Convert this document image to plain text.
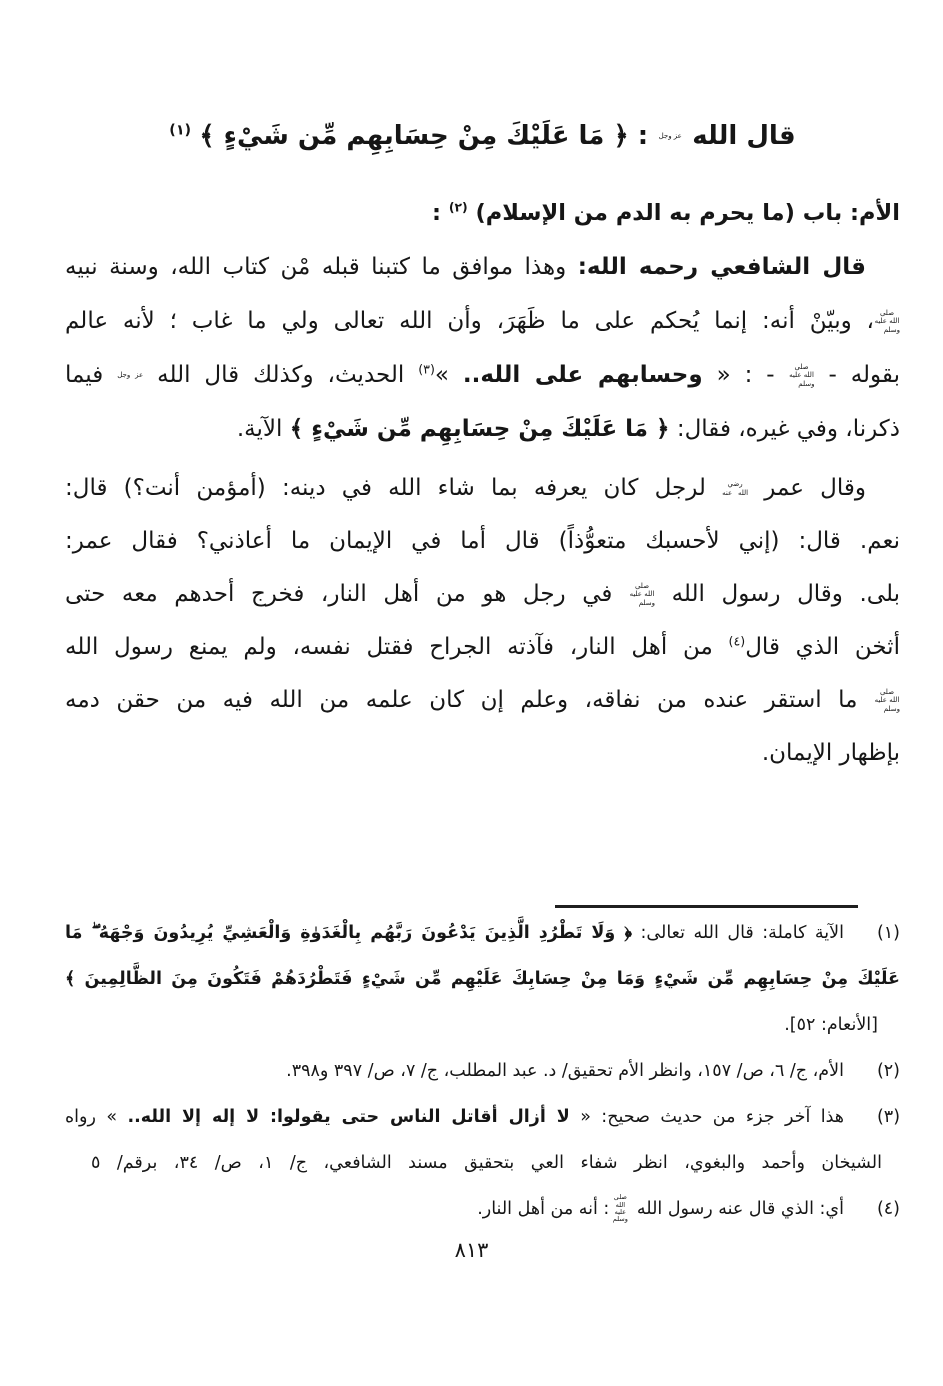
قال الله عز وجل : ﴿ مَا عَلَيْكَ مِنْ حِسَابِهِم مِّن شَيْءٍ ﴾ $^{(١)}$
الأم: باب (ما يحرم به الدم من الإسلام) $^{(٢)}$ :
قال الشافعي رحمه الله: وهذا موافق ما كتبنا قبله مْن كتاب الله، وسنة نبيه
صلى الله عليه وسلم، وبيّنْ أنه: إنما يُحكم على ما ظَهَرَ، وأن الله تعالى ولي ما غاب ؛ لأنه عالم
بقوله - صلى الله عليه وسلم - : « وحسابهم على الله.. »$^{(٣)}$ الحديث، وكذلك قال الله عز وجل فيما
ذكرنا، وفي غيره، فقال: ﴿ مَا عَلَيْكَ مِنْ حِسَابِهِم مِّن شَيْءٍ ﴾ الآية.
وقال عمر رضي الله عنه لرجل كان يعرفه بما شاء الله في دينه: (أمؤمن أنت؟) قال:
نعم. قال: (إني لأحسبك متعوُّذاً) قال أما في الإيمان ما أعاذني؟ فقال عمر:
بلى. وقال رسول الله صلى الله عليه وسلم في رجل هو من أهل النار، فخرج أحدهم معه حتى
أثخن الذي قال$^{(٤)}$ من أهل النار، فآذته الجراح فقتل نفسه، ولم يمنع رسول الله
صلى الله عليه وسلم ما استقر عنده من نفاقه، وعلم إن كان علمه من الله فيه من حقن دمه
بإظهار الإيمان.
(١)الآية كاملة: قال الله تعالى: ﴿ وَلَا تَطْرُدِ الَّذِينَ يَدْعُونَ رَبَّهُم بِالْغَدَوٰةِ وَالْعَشِيِّ يُرِيدُونَ وَجْهَهُ ۖ مَا
عَلَيْكَ مِنْ حِسَابِهِم مِّن شَيْءٍ وَمَا مِنْ حِسَابِكَ عَلَيْهِم مِّن شَيْءٍ فَتَطْرُدَهُمْ فَتَكُونَ مِنَ الظَّالِمِينَ ﴾
[الأنعام: ٥٢].
(٢)الأم، ج/ ٦، ص/ ١٥٧، وانظر الأم تحقيق/ د. عبد المطلب، ج/ ٧، ص/ ٣٩٧ و٣٩٨.
(٣)هذا آخر جزء من حديث صحيح: « لا أزال أقاتل الناس حتى يقولوا: لا إله إلا الله.. » رواه
الشيخان وأحمد والبغوي، انظر شفاء العي بتحقيق مسند الشافعي، ج/ ١، ص/ ٣٤، برقم/ ٥
(٤)أي: الذي قال عنه رسول الله صلى الله عليه وسلم: أنه من أهل النار.
٨١٣
